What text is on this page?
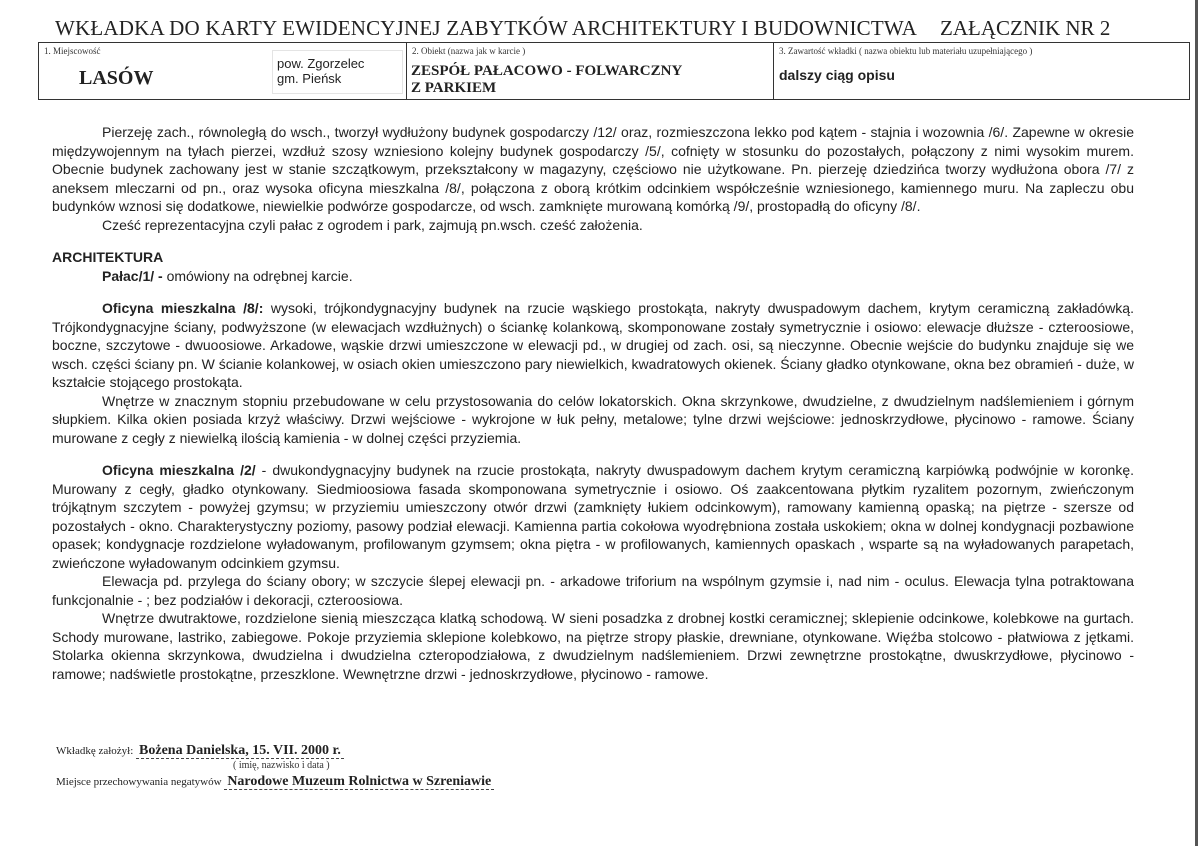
WKŁADKA DO KARTY EWIDENCYJNEJ ZABYTKÓW ARCHITEKTURY I BUDOWNICTWA ZAŁĄCZNIK NR 2
1. Miejscowość
LASÓW
pow. Zgorzelec
gm. Pieńsk
2. Obiekt (nazwa jak w karcie )
ZESPÓŁ PAŁACOWO - FOLWARCZNY
Z PARKIEM
3. Zawartość wkładki ( nazwa obiektu lub materiału uzupełniającego )
dalszy ciąg opisu

Pierzeję zach., równoległą do wsch., tworzył wydłużony budynek gospodarczy /12/ oraz, rozmieszczona lekko pod kątem - stajnia i wozownia /6/. Zapewne w okresie międzywojennym na tyłach pierzei, wzdłuż szosy wzniesiono kolejny budynek gospodarczy /5/, cofnięty w stosunku do pozostałych, połączony z nimi wysokim murem. Obecnie budynek zachowany jest w stanie szczątkowym, przekształcony w magazyny, częściowo nie użytkowane. Pn. pierzeję dziedzińca tworzy wydłużona obora /7/ z aneksem mleczarni od pn., oraz wysoka oficyna mieszkalna /8/, połączona z oborą krótkim odcinkiem współcześnie wzniesionego, kamiennego muru. Na zapleczu obu budynków wznosi się dodatkowe, niewielkie podwórze gospodarcze, od wsch. zamknięte murowaną komórką /9/, prostopadłą do oficyny /8/.

Cześć reprezentacyjna czyli pałac z ogrodem i park, zajmują pn.wsch. cześć założenia.

ARCHITEKTURA

Pałac/1/ - omówiony na odrębnej karcie.

Oficyna mieszkalna /8/: wysoki, trójkondygnacyjny budynek na rzucie wąskiego prostokąta, nakryty dwuspadowym dachem, krytym ceramiczną zakładówką. Trójkondygnacyjne ściany, podwyższone (w elewacjach wzdłużnych) o ściankę kolankową, skomponowane zostały symetrycznie i osiowo: elewacje dłuższe - czteroosiowe, boczne, szczytowe - dwuoosiowe. Arkadowe, wąskie drzwi umieszczone w elewacji pd., w drugiej od zach. osi, są nieczynne. Obecnie wejście do budynku znajduje się we wsch. części ściany pn. W ścianie kolankowej, w osiach okien umieszczono pary niewielkich, kwadratowych okienek. Ściany gładko otynkowane, okna bez obramień - duże, w kształcie stojącego prostokąta.

Wnętrze w znacznym stopniu przebudowane w celu przystosowania do celów lokatorskich. Okna skrzynkowe, dwudzielne, z dwudzielnym nadślemieniem i górnym słupkiem. Kilka okien posiada krzyż właściwy. Drzwi wejściowe - wykrojone w łuk pełny, metalowe; tylne drzwi wejściowe: jednoskrzydłowe, płycinowo - ramowe. Ściany murowane z cegły z niewielką ilością kamienia - w dolnej części przyziemia.

Oficyna mieszkalna /2/ - dwukondygnacyjny budynek na rzucie prostokąta, nakryty dwuspadowym dachem krytym ceramiczną karpiówką podwójnie w koronkę. Murowany z cegły, gładko otynkowany. Siedmioosiowa fasada skomponowana symetrycznie i osiowo. Oś zaakcentowana płytkim ryzalitem pozornym, zwieńczonym trójkątnym szczytem - powyżej gzymsu; w przyziemiu umieszczony otwór drzwi (zamknięty łukiem odcinkowym), ramowany kamienną opaską; na piętrze - szersze od pozostałych - okno. Charakterystyczny poziomy, pasowy podział elewacji. Kamienna partia cokołowa wyodrębniona została uskokiem; okna w dolnej kondygnacji pozbawione opasek; kondygnacje rozdzielone wyładowanym, profilowanym gzymsem; okna piętra - w profilowanych, kamiennych opaskach , wsparte są na wyładowanych parapetach, zwieńczone wyładowanym odcinkiem gzymsu.

Elewacja pd. przylega do ściany obory; w szczycie ślepej elewacji pn. - arkadowe triforium na wspólnym gzymsie i, nad nim - oculus. Elewacja tylna potraktowana funkcjonalnie - ; bez podziałów i dekoracji, czteroosiowa.

Wnętrze dwutraktowe, rozdzielone sienią mieszcząca klatką schodową. W sieni posadzka z drobnej kostki ceramicznej; sklepienie odcinkowe, kolebkowe na gurtach. Schody murowane, lastriko, zabiegowe. Pokoje przyziemia sklepione kolebkowo, na piętrze stropy płaskie, drewniane, otynkowane. Więźba stolcowo - płatwiowa z jętkami. Stolarka okienna skrzynkowa, dwudzielna i dwudzielna czteropodziałowa, z dwudzielnym nadślemieniem. Drzwi zewnętrzne prostokątne, dwuskrzydłowe, płycinowo - ramowe; nadświetle prostokątne, przeszklone. Wewnętrzne drzwi - jednoskrzydłowe, płycinowo - ramowe.

Wkładkę założył: Bożena Danielska, 15. VII. 2000 r.
( imię, nazwisko i data )
Miejsce przechowywania negatywów Narodowe Muzeum Rolnictwa w Szreniawie
